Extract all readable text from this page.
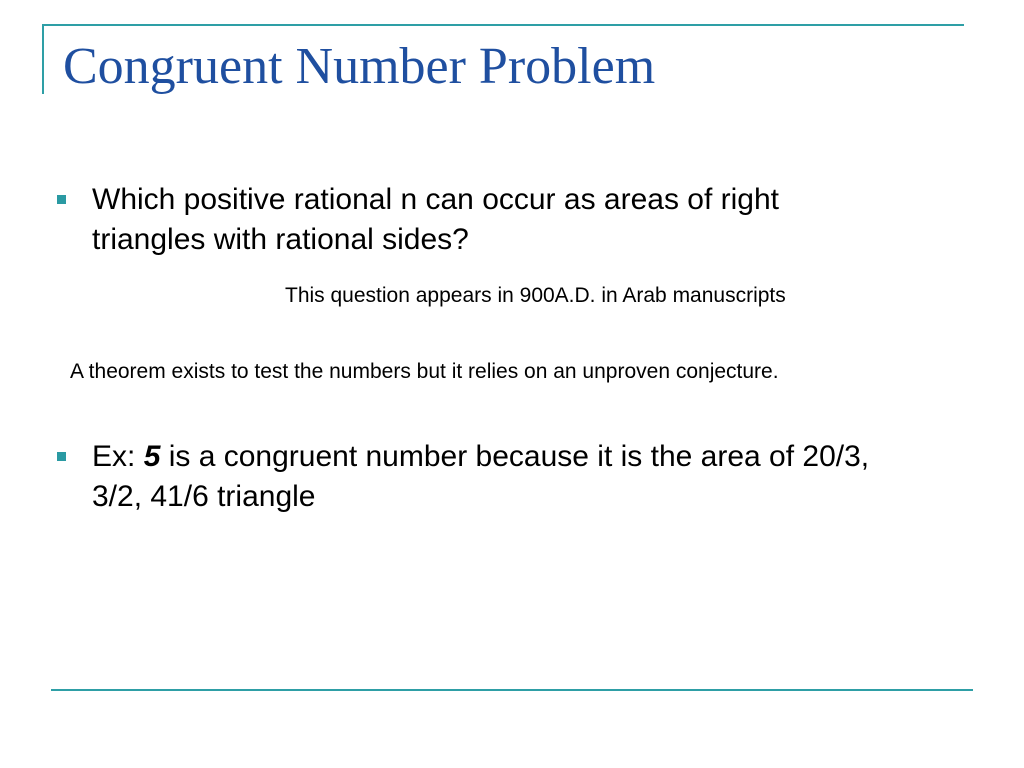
Congruent Number Problem
Which positive rational n can occur as areas of right triangles with rational sides?
This question appears in 900A.D. in Arab manuscripts
A theorem exists to test the numbers but it relies on an unproven conjecture.
Ex: 5 is a congruent number because it is the area of 20/3, 3/2, 41/6 triangle
